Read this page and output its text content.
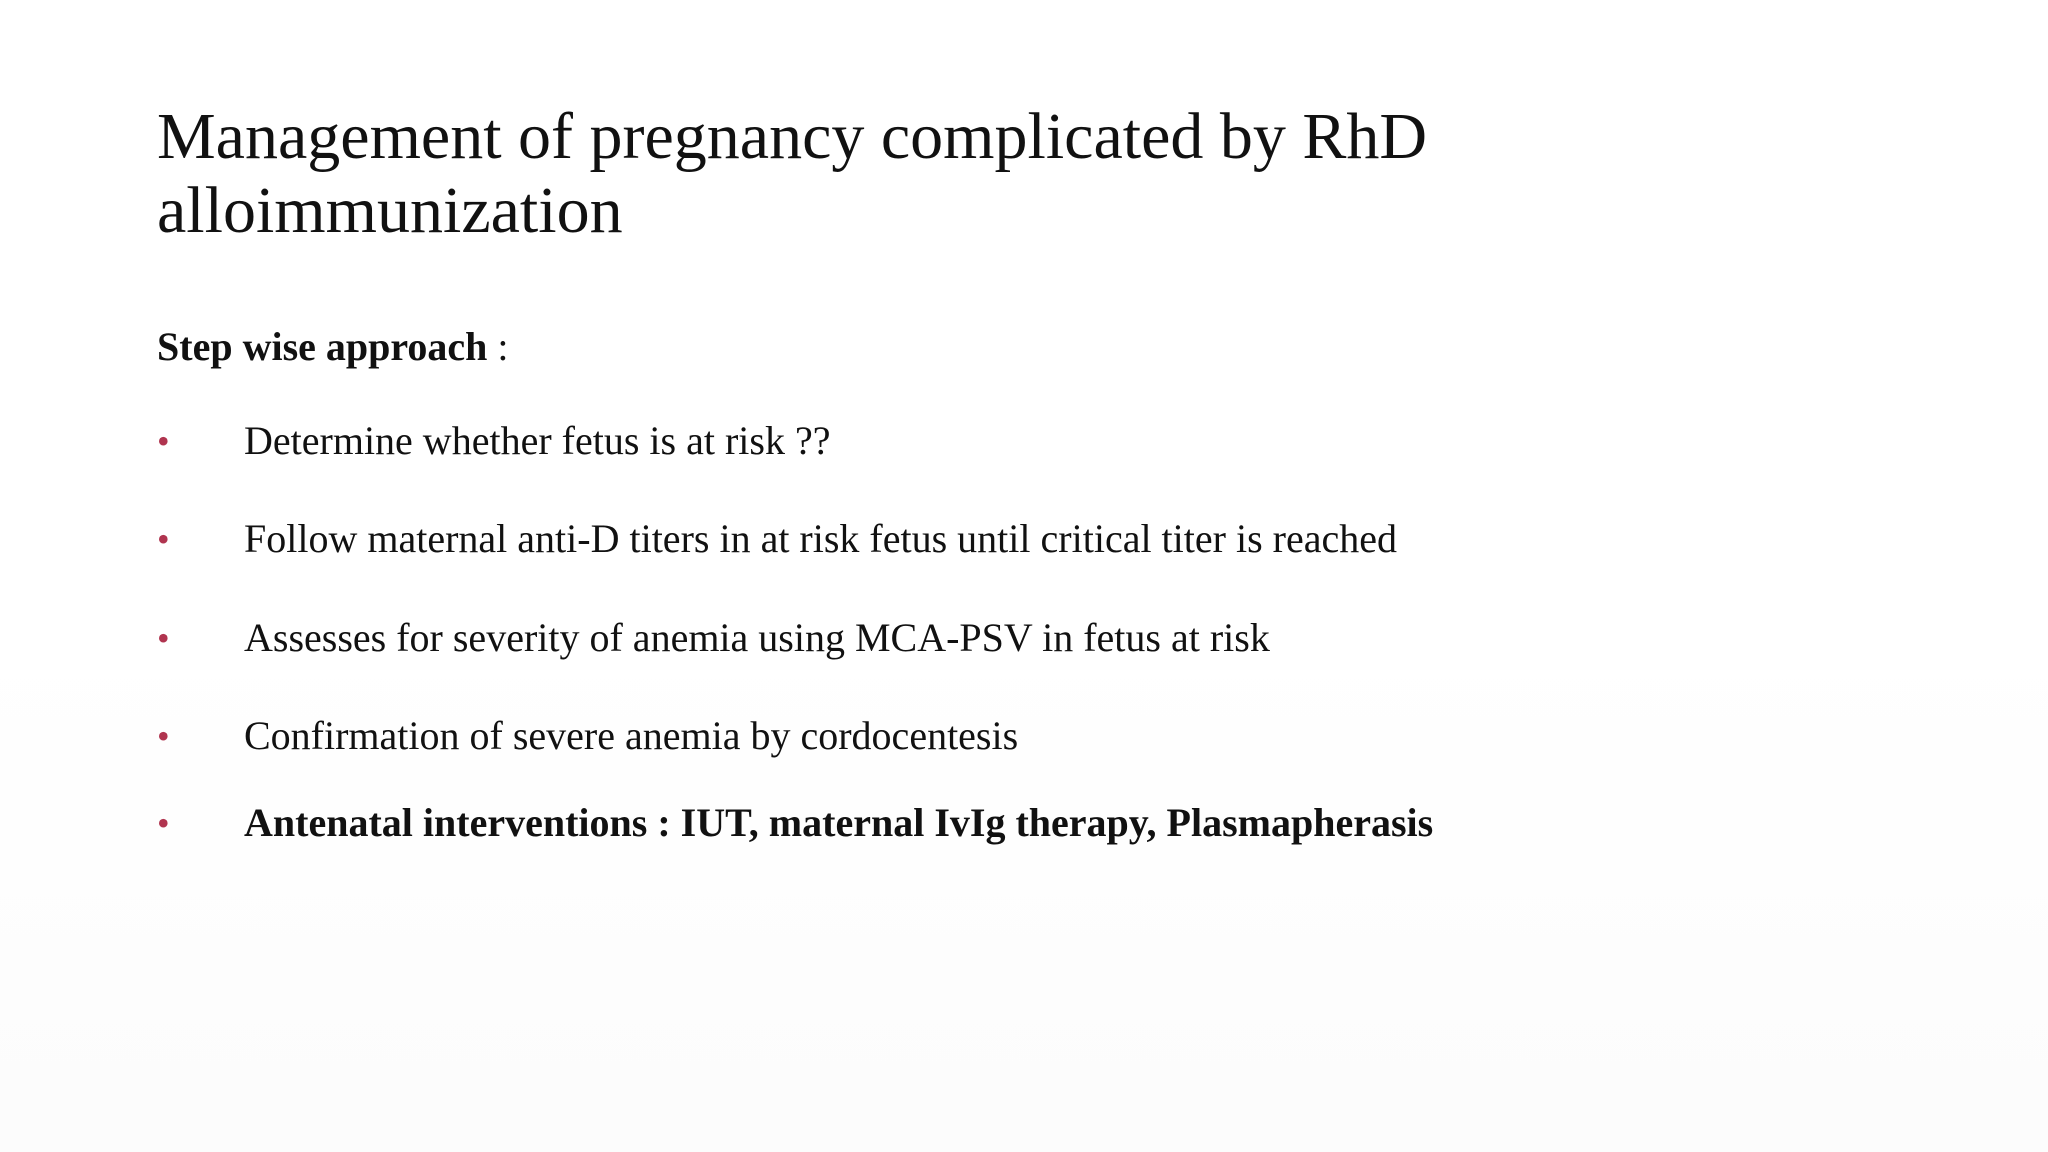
Management of pregnancy complicated by RhD alloimmunization

Step wise approach :

•	Determine whether fetus is at risk ??
•	Follow maternal anti-D titers in at risk fetus until critical titer is reached
•	Assesses for severity of anemia using MCA-PSV in fetus at risk
•	Confirmation of severe anemia by cordocentesis
•	Antenatal interventions : IUT, maternal IvIg therapy, Plasmapherasis
